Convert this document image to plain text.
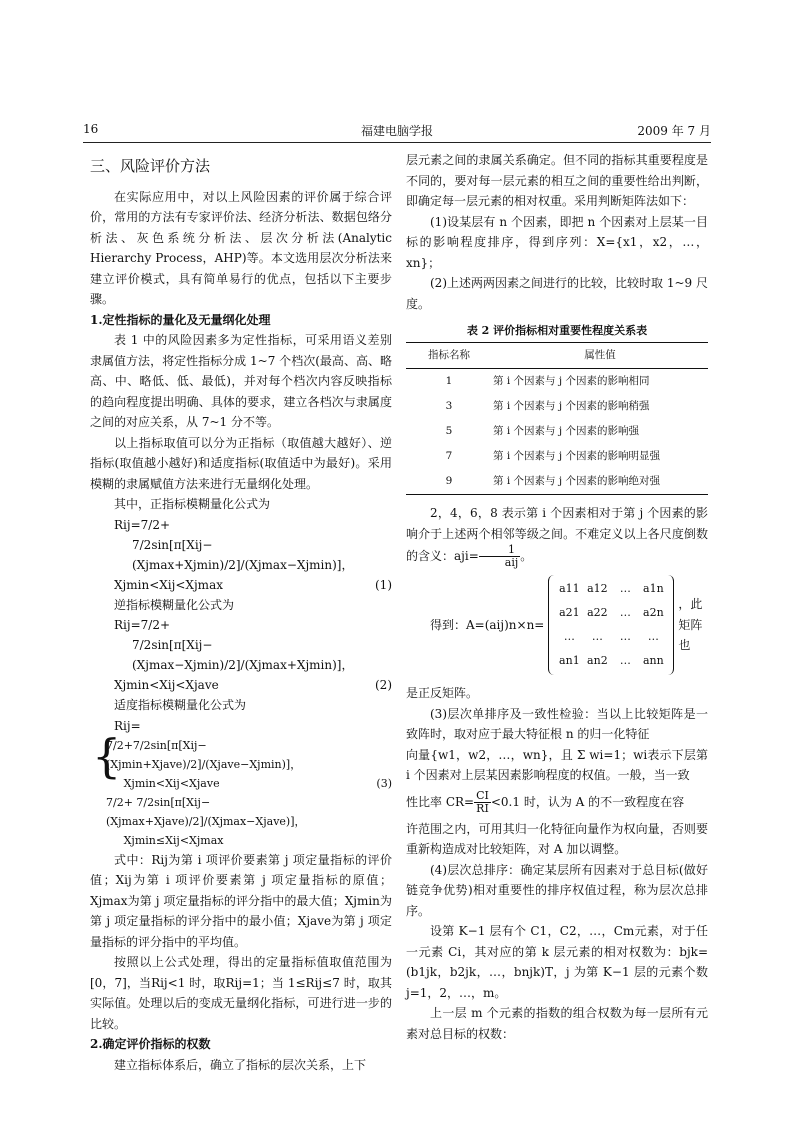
16	福建电脑学报	2009 年 7 月

三、风险评价方法

在实际应用中，对以上风险因素的评价属于综合评价，常用的方法有专家评价法、经济分析法、数据包络分析法、灰色系统分析法、层次分析法(Analytic Hierarchy Process，AHP)等。本文选用层次分析法来建立评价模式，具有简单易行的优点，包括以下主要步骤。

1.定性指标的量化及无量纲化处理

表 1 中的风险因素多为定性指标，可采用语义差别隶属值方法，将定性指标分成 1~7 个档次(最高、高、略高、中、略低、低、最低)，并对每个档次内容反映指标的趋向程度提出明确、具体的要求，建立各档次与隶属度之间的对应关系，从 7~1 分不等。

以上指标取值可以分为正指标（取值越大越好）、逆指标(取值越小越好)和适度指标(取值适中为最好)。采用模糊的隶属赋值方法来进行无量纲化处理。

其中，正指标模糊量化公式为

Rij=7/2+
7/2sin[π[Xij−(Xjmax+Xjmin)/2]/(Xjmax−Xjmin)]，
Xjmin<Xij<Xjmax	(1)

逆指标模糊量化公式为

Rij=7/2+
7/2sin[π[Xij−(Xjmax−Xjmin)/2]/(Xjmax+Xjmin)]，
Xjmin<Xij<Xjave	(2)

适度指标模糊量化公式为

Rij=
{
7/2+7/2sin[π[Xij−(Xjmin+Xjave)/2]/(Xjave−Xjmin)]，
Xjmin<Xij<Xjave	(3)
7/2+ 7/2sin[π[Xij−(Xjmax+Xjave)/2]/(Xjmax−Xjave)]，
Xjmin≤Xij<Xjmax

式中：Rij为第 i 项评价要素第 j 项定量指标的评价值；Xij为第 i 项评价要素第 j 项定量指标的原值；Xjmax为第 j 项定量指标的评分指中的最大值；Xjmin为第 j 项定量指标的评分指中的最小值；Xjave为第 j 项定量指标的评分指中的平均值。

按照以上公式处理，得出的定量指标值取值范围为[0，7]，当Rij<1 时，取Rij=1；当 1≤Rij≤7 时，取其实际值。处理以后的变成无量纲化指标，可进行进一步的比较。

2.确定评价指标的权数

建立指标体系后，确立了指标的层次关系，上下

层元素之间的隶属关系确定。但不同的指标其重要程度是不同的，要对每一层元素的相互之间的重要性给出判断，即确定每一层元素的相对权重。采用判断矩阵法如下：

(1)设某层有 n 个因素，即把 n 个因素对上层某一目标的影响程度排序，得到序列：X={x1，x2，…，xn}；

(2)上述两两因素之间进行的比较，比较时取 1~9 尺度。

表 2 评价指标相对重要性程度关系表
指标名称	属性值
1	第 i 个因素与 j 个因素的影响相同
3	第 i 个因素与 j 个因素的影响稍强
5	第 i 个因素与 j 个因素的影响强
7	第 i 个因素与 j 个因素的影响明显强
9	第 i 个因素与 j 个因素的影响绝对强

2，4，6，8 表示第 i 个因素相对于第 j 个因素的影响介于上述两个相邻等级之间。不难定义以上各尺度倒数的含义：$aji= \frac{1}{\text{aij}}$ 。

得到：A=(aij)n×n=
a11 a12	…	a1n
a21 a22	…	a2n
…	…	…	…
an1 an2	…	ann
，此矩阵也

是正反矩阵。

(3)层次单排序及一致性检验：当以上比较矩阵是一致阵时，取对应于最大特征根 n 的归一化特征

向量{w1，w2，…，wn}，且 Σ wi=1；wi表示下层第 i 个因素对上层某因素影响程度的权值。一般，当一致

性比率 $CR= \frac{CI}{RI} <0.1$ 时，认为 A 的不一致程度在容

许范围之内，可用其归一化特征向量作为权向量，否则要重新构造成对比较矩阵，对 A 加以调整。

(4)层次总排序：确定某层所有因素对于总目标(做好链竞争优势)相对重要性的排序权值过程，称为层次总排序。

设第 K−1 层有个 C1，C2，…，Cm元素，对于任一元素 Ci，其对应的第 k 层元素的相对权数为：bjk=(b1jk，b2jk，…，bnjk)T，j 为第 K−1 层的元素个数 j=1，2，…，m。

上一层 m 个元素的指数的组合权数为每一层所有元素对总目标的权数：
